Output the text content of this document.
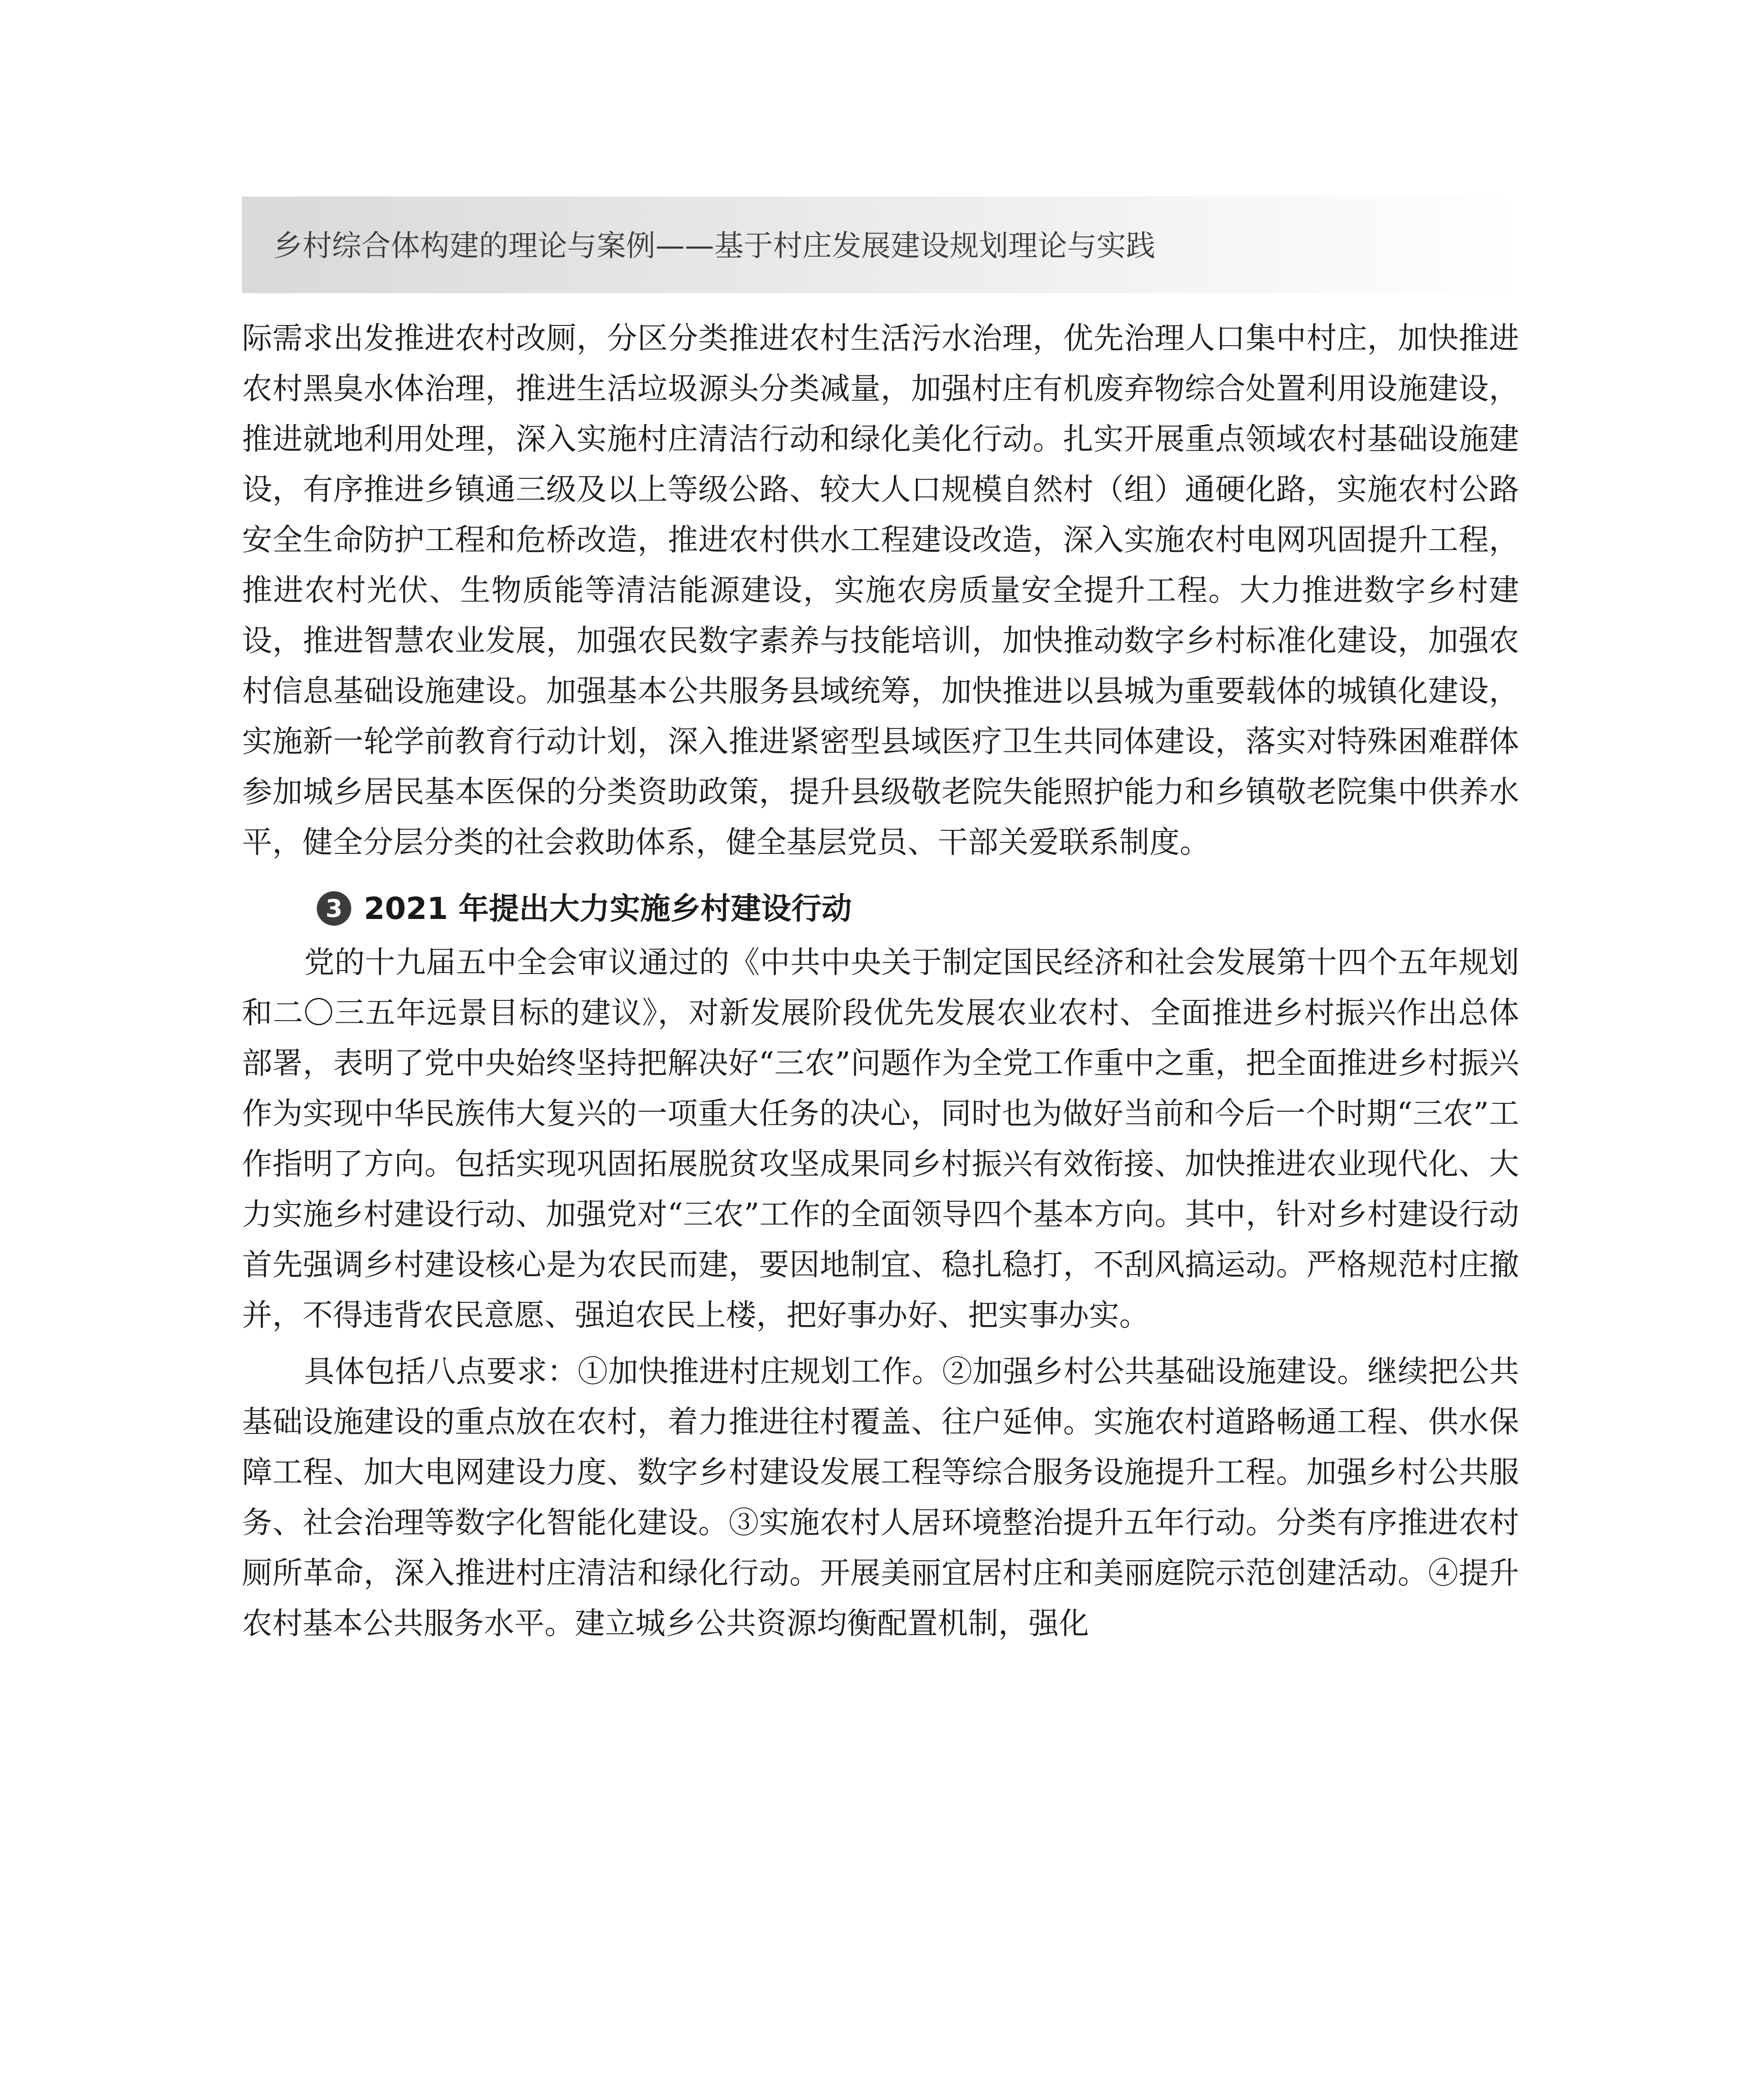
乡村综合体构建的理论与案例——基于村庄发展建设规划理论与实践

际需求出发推进农村改厕，分区分类推进农村生活污水治理，优先治理人口集中村庄，加快推进农村黑臭水体治理，推进生活垃圾源头分类减量，加强村庄有机废弃物综合处置利用设施建设，推进就地利用处理，深入实施村庄清洁行动和绿化美化行动。扎实开展重点领域农村基础设施建设，有序推进乡镇通三级及以上等级公路、较大人口规模自然村（组）通硬化路，实施农村公路安全生命防护工程和危桥改造，推进农村供水工程建设改造，深入实施农村电网巩固提升工程，推进农村光伏、生物质能等清洁能源建设，实施农房质量安全提升工程。大力推进数字乡村建设，推进智慧农业发展，加强农民数字素养与技能培训，加快推动数字乡村标准化建设，加强农村信息基础设施建设。加强基本公共服务县域统筹，加快推进以县城为重要载体的城镇化建设，实施新一轮学前教育行动计划，深入推进紧密型县域医疗卫生共同体建设，落实对特殊困难群体参加城乡居民基本医保的分类资助政策，提升县级敬老院失能照护能力和乡镇敬老院集中供养水平，健全分层分类的社会救助体系，健全基层党员、干部关爱联系制度。

3 2021 年提出大力实施乡村建设行动

党的十九届五中全会审议通过的《中共中央关于制定国民经济和社会发展第十四个五年规划和二〇三五年远景目标的建议》，对新发展阶段优先发展农业农村、全面推进乡村振兴作出总体部署，表明了党中央始终坚持把解决好“三农”问题作为全党工作重中之重，把全面推进乡村振兴作为实现中华民族伟大复兴的一项重大任务的决心，同时也为做好当前和今后一个时期“三农”工作指明了方向。包括实现巩固拓展脱贫攻坚成果同乡村振兴有效衔接、加快推进农业现代化、大力实施乡村建设行动、加强党对“三农”工作的全面领导四个基本方向。其中，针对乡村建设行动首先强调乡村建设核心是为农民而建，要因地制宜、稳扎稳打，不刮风搞运动。严格规范村庄撤并，不得违背农民意愿、强迫农民上楼，把好事办好、把实事办实。

具体包括八点要求：①加快推进村庄规划工作。②加强乡村公共基础设施建设。继续把公共基础设施建设的重点放在农村，着力推进往村覆盖、往户延伸。实施农村道路畅通工程、供水保障工程、加大电网建设力度、数字乡村建设发展工程等综合服务设施提升工程。加强乡村公共服务、社会治理等数字化智能化建设。③实施农村人居环境整治提升五年行动。分类有序推进农村厕所革命，深入推进村庄清洁和绿化行动。开展美丽宜居村庄和美丽庭院示范创建活动。④提升农村基本公共服务水平。建立城乡公共资源均衡配置机制，强化
